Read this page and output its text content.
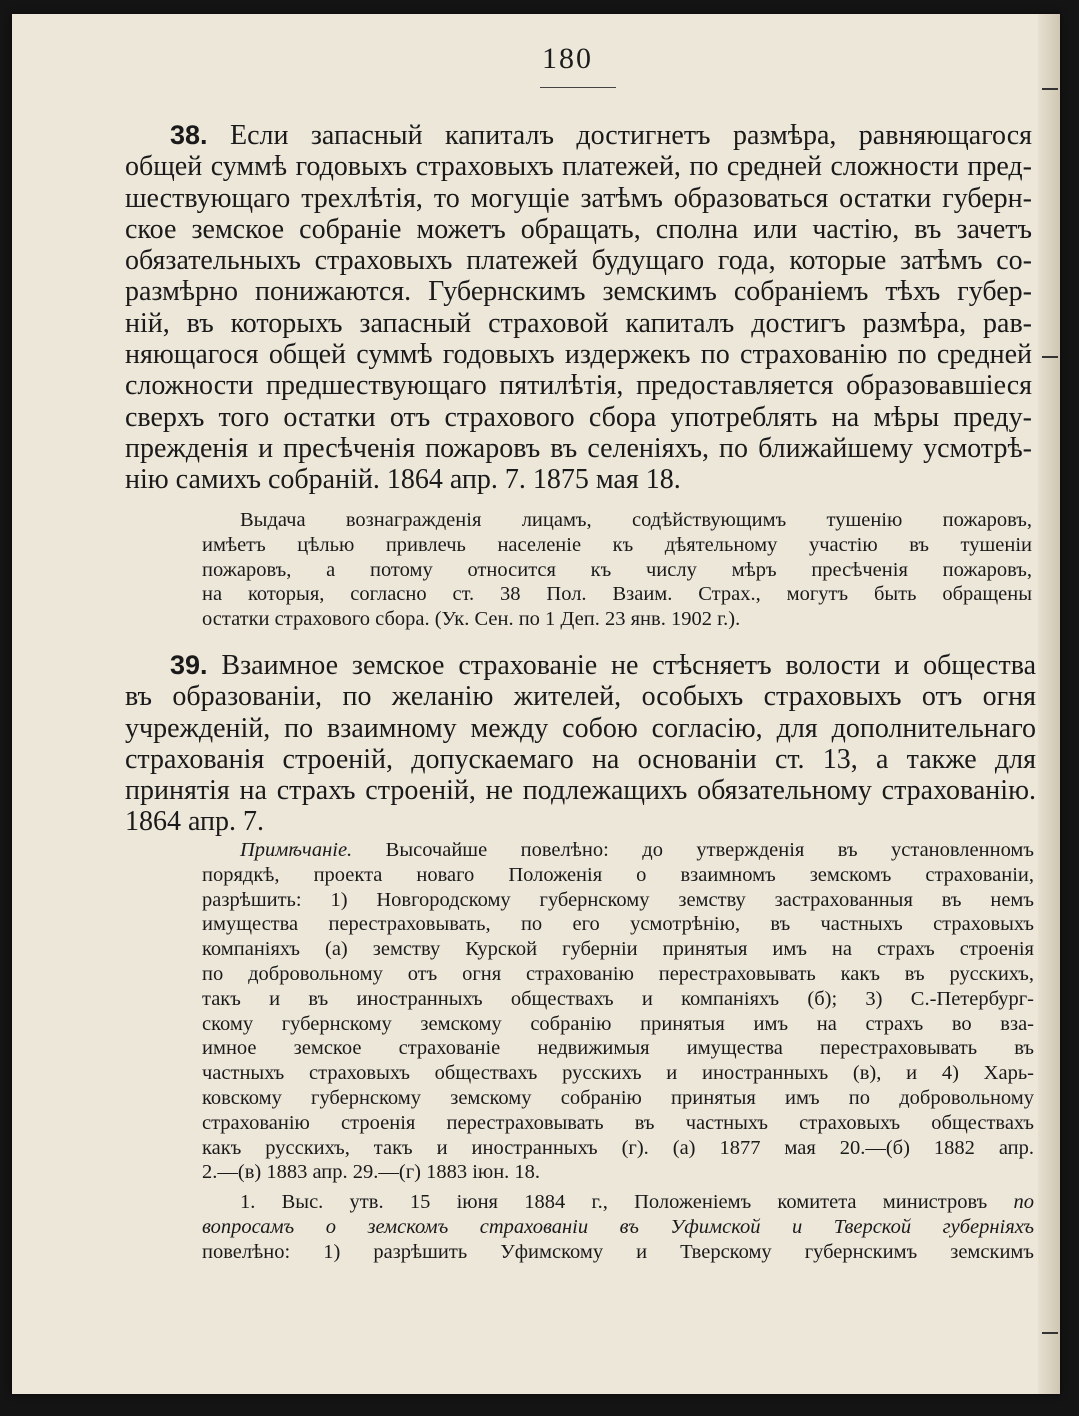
180
38. Если запасный капиталъ достигнетъ размѣра, равняющагося
общей суммѣ годовыхъ страховыхъ платежей, по средней сложности пред-
шествующаго трехлѣтія, то могущіе затѣмъ образоваться остатки губерн-
ское земское собраніе можетъ обращать, сполна или частію, въ зачетъ
обязательныхъ страховыхъ платежей будущаго года, которые затѣмъ со-
размѣрно понижаются. Губернскимъ земскимъ собраніемъ тѣхъ губер-
ній, въ которыхъ запасный страховой капиталъ достигъ размѣра, рав-
няющагося общей суммѣ годовыхъ издержекъ по страхованію по средней
сложности предшествующаго пятилѣтія, предоставляется образовавшіеся
сверхъ того остатки отъ страхового сбора употреблять на мѣры преду-
прежденія и пресѣченія пожаровъ въ селеніяхъ, по ближайшему усмотрѣ-
нію самихъ собраній. 1864 апр. 7. 1875 мая 18.
Выдача вознагражденія лицамъ, содѣйствующимъ тушенію пожаровъ,
имѣетъ цѣлью привлечь населеніе къ дѣятельному участію въ тушеніи
пожаровъ, а потому относится къ числу мѣръ пресѣченія пожаровъ,
на которыя, согласно ст. 38 Пол. Взаим. Страх., могутъ быть обращены
остатки страхового сбора. (Ук. Сен. по 1 Деп. 23 янв. 1902 г.).
39. Взаимное земское страхованіе не стѣсняетъ волости и общества
въ образованіи, по желанію жителей, особыхъ страховыхъ отъ огня
учрежденій, по взаимному между собою согласію, для дополнительнаго
страхованія строеній, допускаемаго на основаніи ст. 13, а также для
принятія на страхъ строеній, не подлежащихъ обязательному страхованію.
1864 апр. 7.
Примѣчаніе. Высочайше повелѣно: до утвержденія въ установленномъ
порядкѣ, проекта новаго Положенія о взаимномъ земскомъ страхованіи,
разрѣшить: 1) Новгородскому губернскому земству застрахованныя въ немъ
имущества перестраховывать, по его усмотрѣнію, въ частныхъ страховыхъ
компаніяхъ (а) земству Курской губерніи принятыя имъ на страхъ строенія
по добровольному отъ огня страхованію перестраховывать какъ въ русскихъ,
такъ и въ иностранныхъ обществахъ и компаніяхъ (б); 3) С.-Петербург-
скому губернскому земскому собранію принятыя имъ на страхъ во вза-
имное земское страхованіе недвижимыя имущества перестраховывать въ
частныхъ страховыхъ обществахъ русскихъ и иностранныхъ (в), и 4) Харь-
ковскому губернскому земскому собранію принятыя имъ по добровольному
страхованію строенія перестраховывать въ частныхъ страховыхъ обществахъ
какъ русскихъ, такъ и иностранныхъ (г). (а) 1877 мая 20.—(б) 1882 апр.
2.—(в) 1883 апр. 29.—(г) 1883 іюн. 18.
1. Выс. утв. 15 іюня 1884 г., Положеніемъ комитета министровъ по
вопросамъ о земскомъ страхованіи въ Уфимской и Тверской губерніяхъ
повелѣно: 1) разрѣшить Уфимскому и Тверскому губернскимъ земскимъ
